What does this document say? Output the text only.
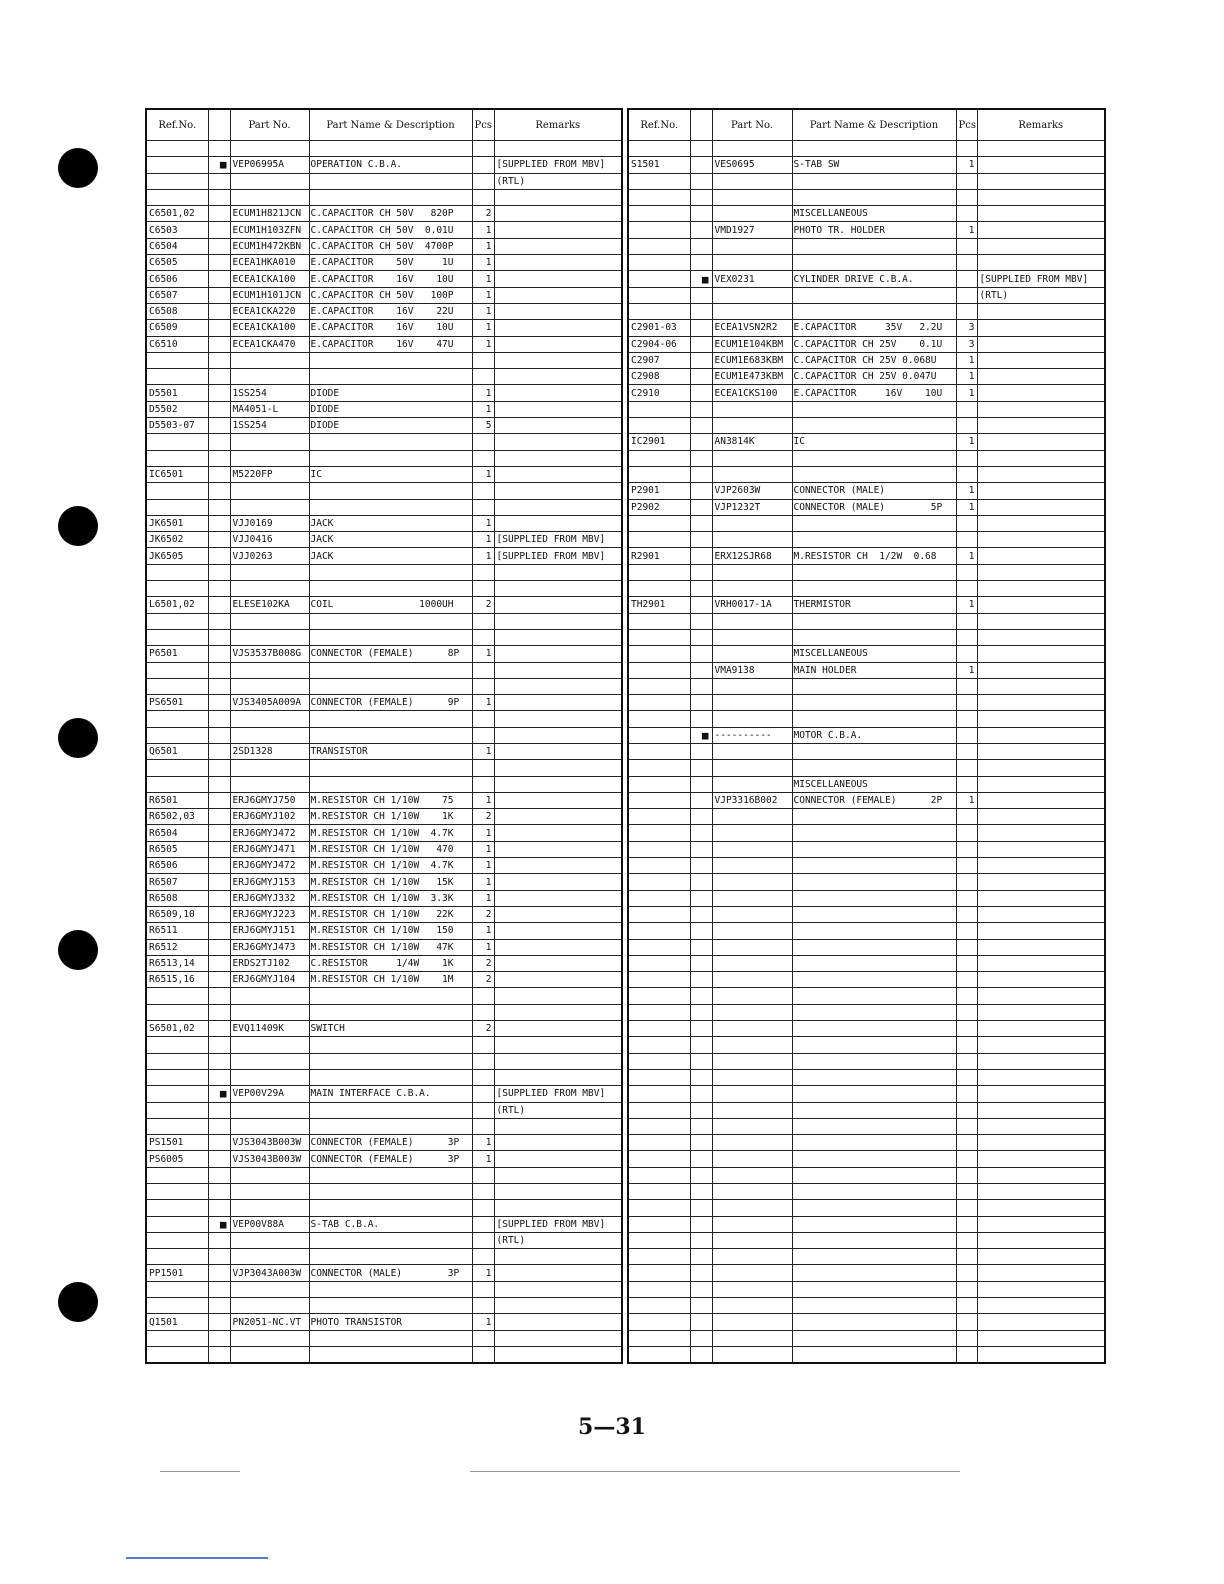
Ref.No.		Part No.	Part Name & Description	Pcs	Remarks

	■	VEP06995A	OPERATION C.B.A.		[SUPPLIED FROM MBV]
					(RTL)

C6501,02		ECUM1H821JCN	C.CAPACITOR CH 50V   820P	2	
C6503		ECUM1H103ZFN	C.CAPACITOR CH 50V  0.01U	1	
C6504		ECUM1H472KBN	C.CAPACITOR CH 50V  4700P	1	
C6505		ECEA1HKA010	E.CAPACITOR    50V     1U	1	
C6506		ECEA1CKA100	E.CAPACITOR    16V    10U	1	
C6507		ECUM1H101JCN	C.CAPACITOR CH 50V   100P	1	
C6508		ECEA1CKA220	E.CAPACITOR    16V    22U	1	
C6509		ECEA1CKA100	E.CAPACITOR    16V    10U	1	
C6510		ECEA1CKA470	E.CAPACITOR    16V    47U	1	

D5501		1SS254	DIODE	1	
D5502		MA4051-L	DIODE	1	
D5503-07		1SS254	DIODE	5	

IC6501		M5220FP	IC	1	

JK6501		VJJ0169	JACK	1	
JK6502		VJJ0416	JACK	1	[SUPPLIED FROM MBV]
JK6505		VJJ0263	JACK	1	[SUPPLIED FROM MBV]

L6501,02		ELESE102KA	COIL               1000UH	2	

P6501		VJS3537B008G	CONNECTOR (FEMALE)      8P	1	

PS6501		VJS3405A009A	CONNECTOR (FEMALE)      9P	1	

Q6501		2SD1328	TRANSISTOR	1	

R6501		ERJ6GMYJ750	M.RESISTOR CH 1/10W    75	1	
R6502,03		ERJ6GMYJ102	M.RESISTOR CH 1/10W    1K	2	
R6504		ERJ6GMYJ472	M.RESISTOR CH 1/10W  4.7K	1	
R6505		ERJ6GMYJ471	M.RESISTOR CH 1/10W   470	1	
R6506		ERJ6GMYJ472	M.RESISTOR CH 1/10W  4.7K	1	
R6507		ERJ6GMYJ153	M.RESISTOR CH 1/10W   15K	1	
R6508		ERJ6GMYJ332	M.RESISTOR CH 1/10W  3.3K	1	
R6509,10		ERJ6GMYJ223	M.RESISTOR CH 1/10W   22K	2	
R6511		ERJ6GMYJ151	M.RESISTOR CH 1/10W   150	1	
R6512		ERJ6GMYJ473	M.RESISTOR CH 1/10W   47K	1	
R6513,14		ERDS2TJ102	C.RESISTOR     1/4W    1K	2	
R6515,16		ERJ6GMYJ104	M.RESISTOR CH 1/10W    1M	2	

S6501,02		EVQ11409K	SWITCH	2	

	■	VEP00V29A	MAIN INTERFACE C.B.A.		[SUPPLIED FROM MBV]
					(RTL)

PS1501		VJS3043B003W	CONNECTOR (FEMALE)      3P	1	
PS6005		VJS3043B003W	CONNECTOR (FEMALE)      3P	1	

	■	VEP00V88A	S-TAB C.B.A.		[SUPPLIED FROM MBV]
					(RTL)

PP1501		VJP3043A003W	CONNECTOR (MALE)        3P	1	

Q1501		PN2051-NC.VT	PHOTO TRANSISTOR	1	

Ref.No.		Part No.	Part Name & Description	Pcs	Remarks

S1501		VES0695	S-TAB SW	1	

			MISCELLANEOUS		
		VMD1927	PHOTO TR. HOLDER	1	

	■	VEX0231	CYLINDER DRIVE C.B.A.		[SUPPLIED FROM MBV]
					(RTL)

C2901-03		ECEA1VSN2R2	E.CAPACITOR     35V   2.2U	3	
C2904-06		ECUM1E104KBM	C.CAPACITOR CH 25V    0.1U	3	
C2907		ECUM1E683KBM	C.CAPACITOR CH 25V 0.068U	1	
C2908		ECUM1E473KBM	C.CAPACITOR CH 25V 0.047U	1	
C2910		ECEA1CKS100	E.CAPACITOR     16V    10U	1	

IC2901		AN3814K	IC	1	

P2901		VJP2603W	CONNECTOR (MALE)	1	
P2902		VJP1232T	CONNECTOR (MALE)        5P	1	

R2901		ERX12SJR68	M.RESISTOR CH  1/2W  0.68	1	

TH2901		VRH0017-1A	THERMISTOR	1	

			MISCELLANEOUS		
		VMA9138	MAIN HOLDER	1	

	■	----------	MOTOR C.B.A.		

			MISCELLANEOUS		
		VJP3316B002	CONNECTOR (FEMALE)      2P	1	

5—31
